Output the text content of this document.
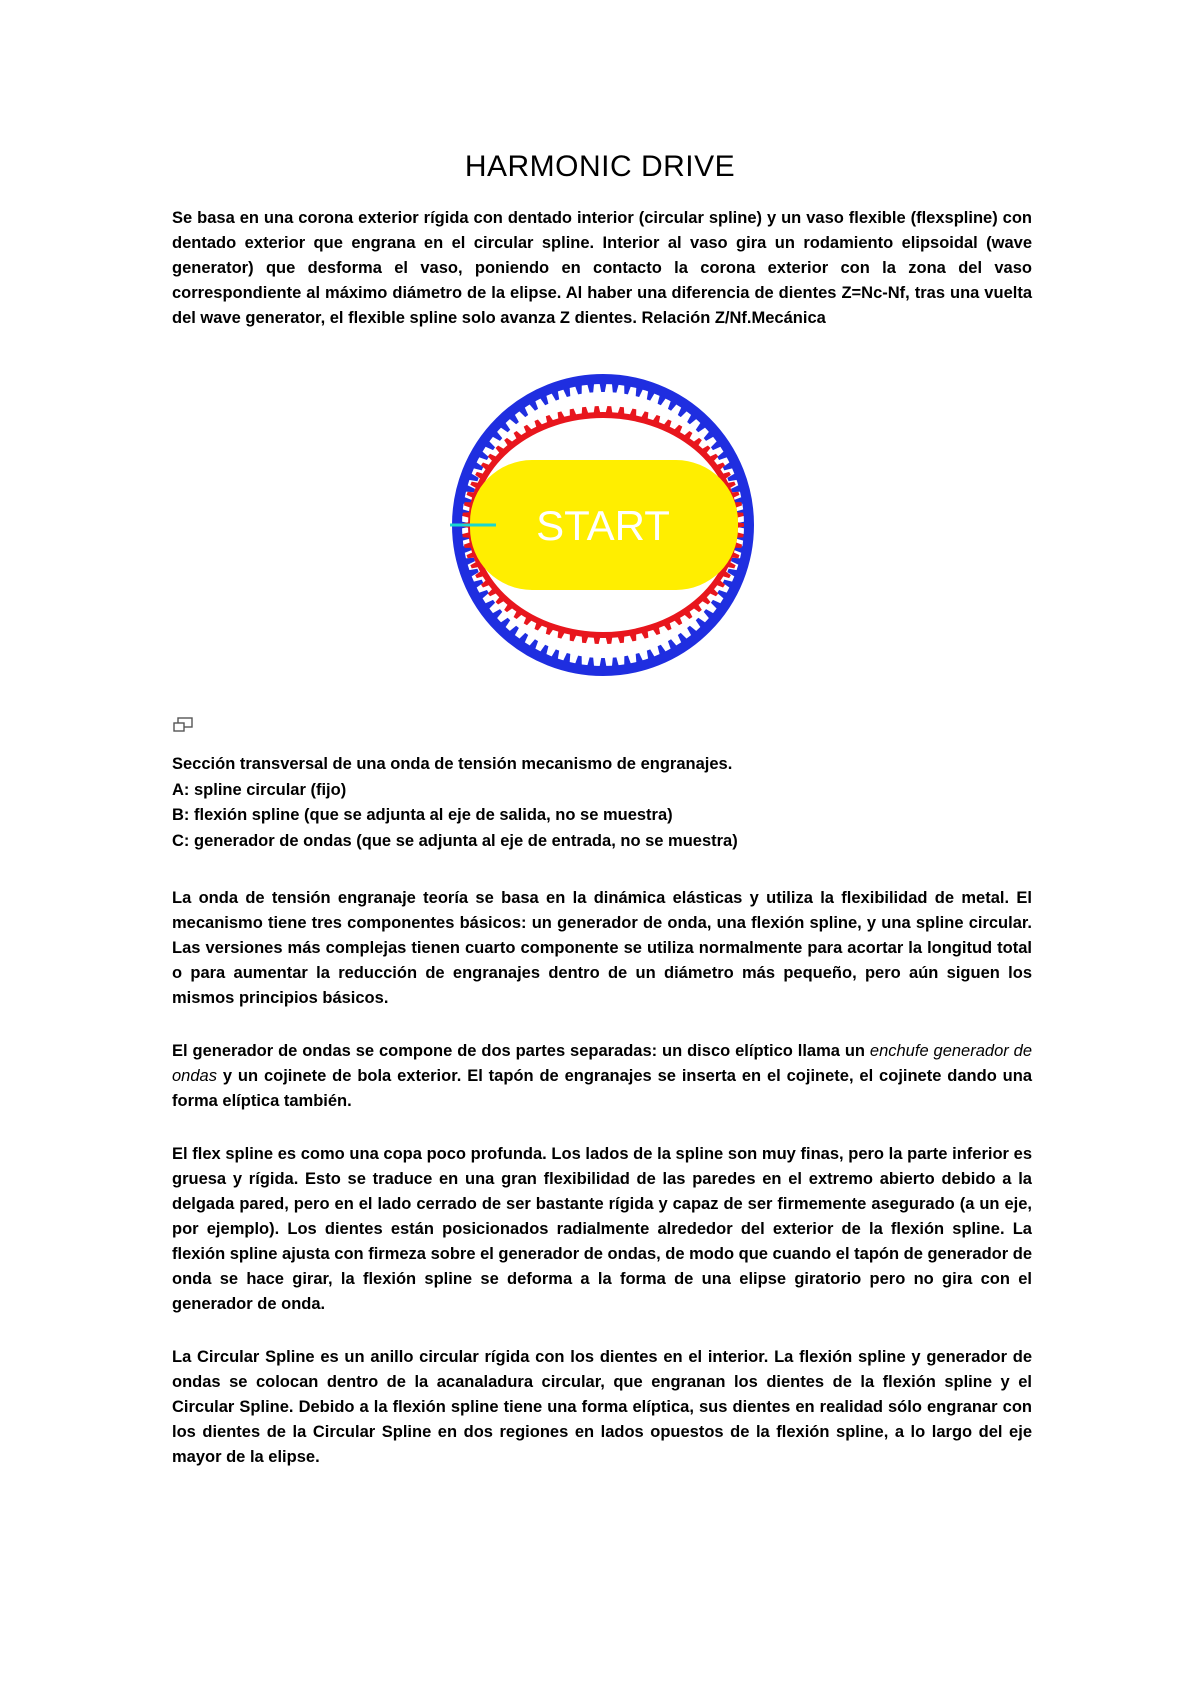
HARMONIC DRIVE

Se basa en una corona exterior rígida con dentado interior (circular spline) y un vaso flexible (flexspline) con dentado exterior que engrana en el circular spline. Interior al vaso gira un rodamiento elipsoidal (wave generator) que desforma el vaso, poniendo en contacto la corona exterior con la zona del vaso correspondiente al máximo diámetro de la elipse. Al haber una diferencia de dientes Z=Nc-Nf, tras una vuelta del wave generator, el flexible spline solo avanza Z dientes. Relación Z/Nf.Mecánica

START
Sección transversal de una onda de tensión mecanismo de engranajes.
A: spline circular (fijo)
B: flexión spline (que se adjunta al eje de salida, no se muestra)
C: generador de ondas (que se adjunta al eje de entrada, no se muestra)

La onda de tensión engranaje teoría se basa en la dinámica elásticas y utiliza la flexibilidad de metal. El mecanismo tiene tres componentes básicos: un generador de onda, una flexión spline, y una spline circular. Las versiones más complejas tienen cuarto componente se utiliza normalmente para acortar la longitud total o para aumentar la reducción de engranajes dentro de un diámetro más pequeño, pero aún siguen los mismos principios básicos.

El generador de ondas se compone de dos partes separadas: un disco elíptico llama un enchufe generador de ondas y un cojinete de bola exterior. El tapón de engranajes se inserta en el cojinete, el cojinete dando una forma elíptica también.

El flex spline es como una copa poco profunda. Los lados de la spline son muy finas, pero la parte inferior es gruesa y rígida. Esto se traduce en una gran flexibilidad de las paredes en el extremo abierto debido a la delgada pared, pero en el lado cerrado de ser bastante rígida y capaz de ser firmemente asegurado (a un eje, por ejemplo). Los dientes están posicionados radialmente alrededor del exterior de la flexión spline. La flexión spline ajusta con firmeza sobre el generador de ondas, de modo que cuando el tapón de generador de onda se hace girar, la flexión spline se deforma a la forma de una elipse giratorio pero no gira con el generador de onda.

La Circular Spline es un anillo circular rígida con los dientes en el interior. La flexión spline y generador de ondas se colocan dentro de la acanaladura circular, que engranan los dientes de la flexión spline y el Circular Spline. Debido a la flexión spline tiene una forma elíptica, sus dientes en realidad sólo engranar con los dientes de la Circular Spline en dos regiones en lados opuestos de la flexión spline, a lo largo del eje mayor de la elipse.
